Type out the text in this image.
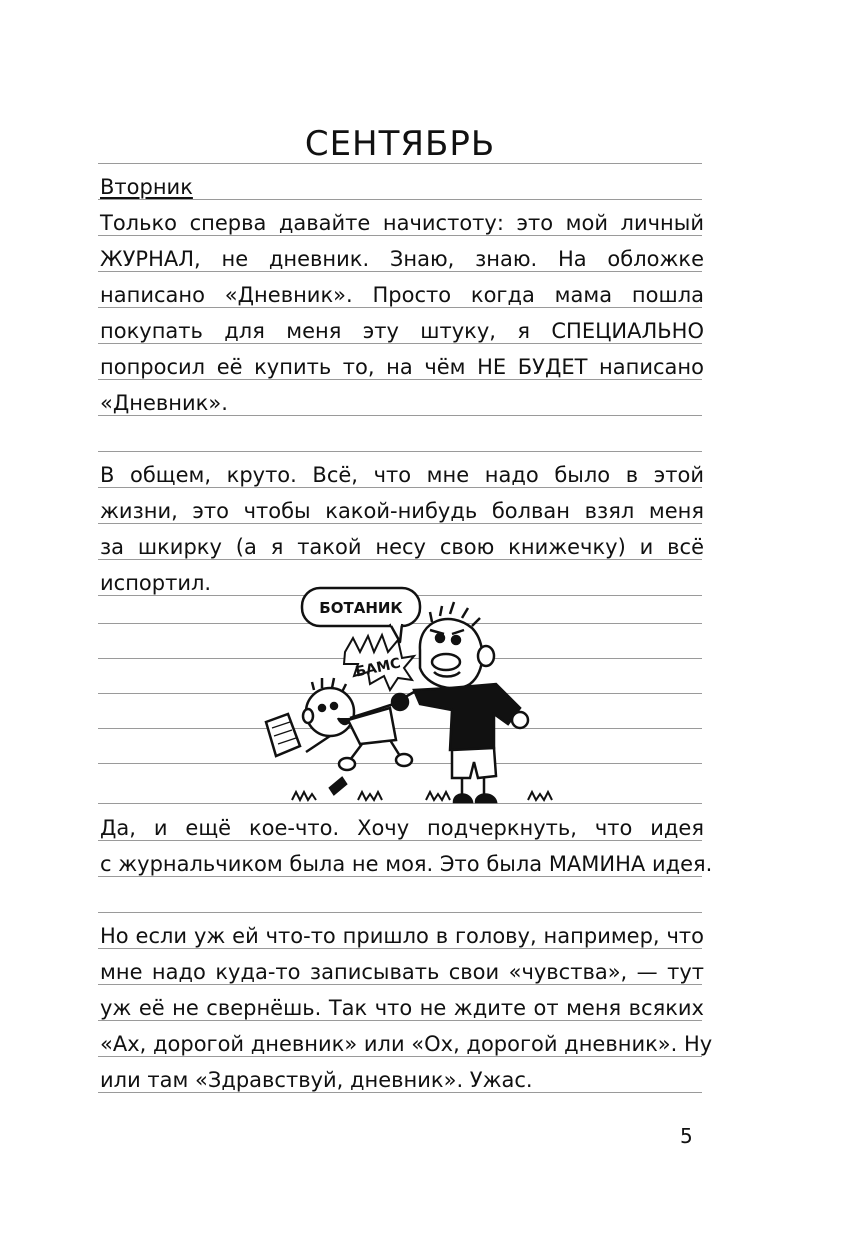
СЕНТЯБРЬ
Вторник
Только сперва давайте начистоту: это мой личный
ЖУРНАЛ, не дневник. Знаю, знаю. На обложке
написано «Дневник». Просто когда мама пошла
покупать для меня эту штуку, я СПЕЦИАЛЬНО
попросил её купить то, на чём НЕ БУДЕТ написано
«Дневник».
В общем, круто. Всё, что мне надо было в этой
жизни, это чтобы какой-нибудь болван взял меня
за шкирку (а я такой несу свою книжечку) и всё
испортил.
БОТАНИК
БАМС
Да, и ещё кое-что. Хочу подчеркнуть, что идея
с журнальчиком была не моя. Это была МАМИНА идея.
Но если уж ей что-то пришло в голову, например, что
мне надо куда-то записывать свои «чувства», — тут
уж её не свернёшь. Так что не ждите от меня всяких
«Ах, дорогой дневник» или «Ох, дорогой дневник». Ну
или там «Здравствуй, дневник». Ужас.
5
